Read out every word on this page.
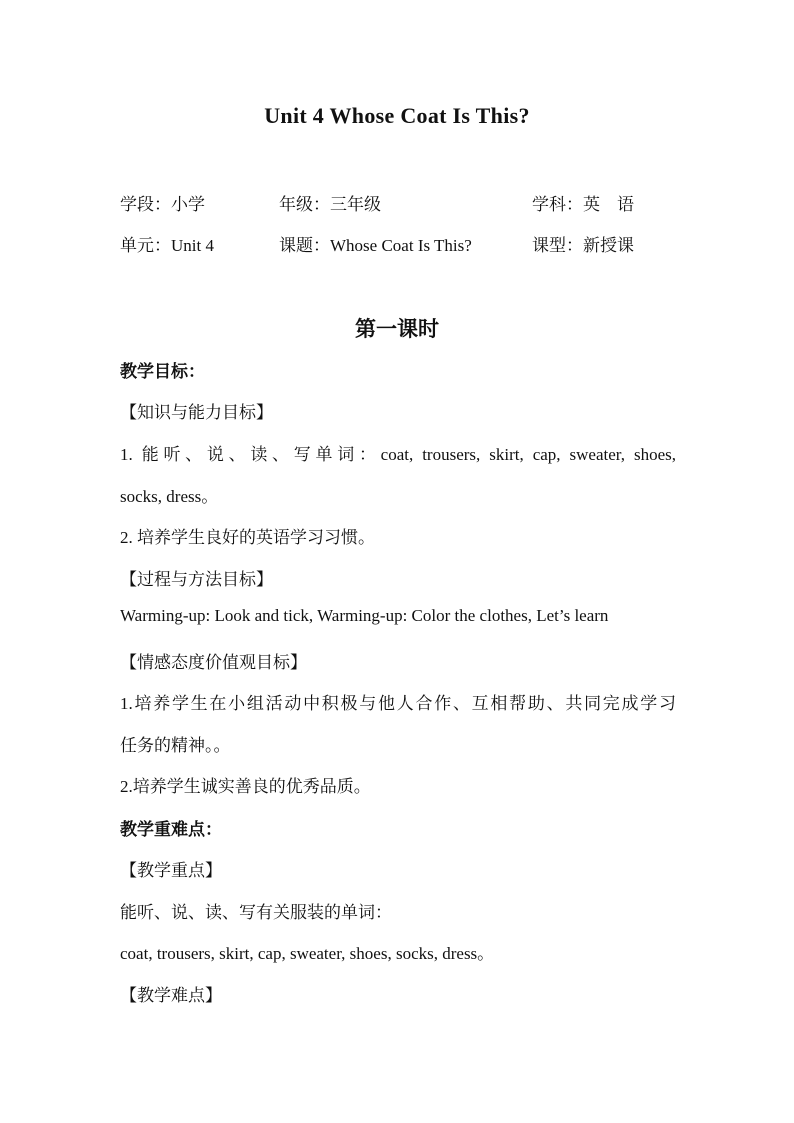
Unit 4 Whose Coat Is This?
学段：小学	年级：三年级	学科：英　语
单元：Unit 4	课题：Whose Coat Is This?	课型：新授课
第一课时
教学目标：
【知识与能力目标】
1. 能听、说、读、写单词：coat, trousers, skirt, cap, sweater, shoes,
socks, dress。
2. 培养学生良好的英语学习习惯。
【过程与方法目标】
Warming-up: Look and tick, Warming-up: Color the clothes, Let’s learn
【情感态度价值观目标】
1.培养学生在小组活动中积极与他人合作、互相帮助、共同完成学习
任务的精神。。
2.培养学生诚实善良的优秀品质。
教学重难点：
【教学重点】
能听、说、读、写有关服装的单词：
coat, trousers, skirt, cap, sweater, shoes, socks, dress。
【教学难点】
